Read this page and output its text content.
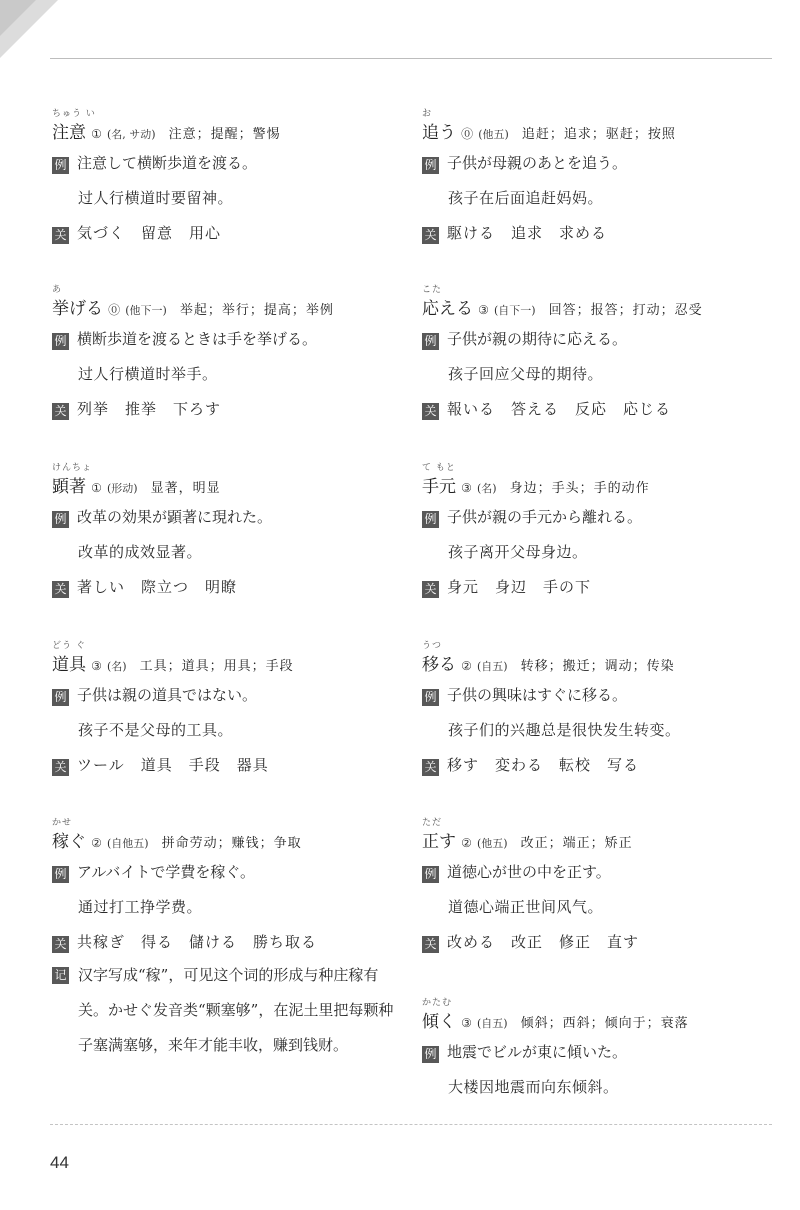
ちゅう い
注意 ① (名, サ动) 注意；提醒；警惕
例 注意して横断歩道を渡る。
过人行横道时要留神。
关 気づく　留意　用心
あ
挙げる ⓪ (他下一) 举起；举行；提高；举例
例 横断歩道を渡るときは手を挙げる。
过人行横道时举手。
关 列挙　推挙　下ろす
けんちょ
顕著 ① (形动) 显著，明显
例 改革の効果が顕著に現れた。
改革的成效显著。
关 著しい　際立つ　明瞭
どう ぐ
道具 ③ (名) 工具；道具；用具；手段
例 子供は親の道具ではない。
孩子不是父母的工具。
关 ツール　道具　手段　器具
かせ
稼ぐ ② (自他五) 拼命劳动；赚钱；争取
例 アルバイトで学費を稼ぐ。
通过打工挣学费。
关 共稼ぎ　得る　儲ける　勝ち取る
记 汉字写成“稼”，可见这个词的形成与种庄稼有关。かせぐ发音类“颗塞够”，在泥土里把每颗种子塞满塞够，来年才能丰收，赚到钱财。
お
追う ⓪ (他五) 追赶；追求；驱赶；按照
例 子供が母親のあとを追う。
孩子在后面追赶妈妈。
关 駆ける　追求　求める
こた
応える ③ (自下一) 回答；报答；打动；忍受
例 子供が親の期待に応える。
孩子回应父母的期待。
关 報いる　答える　反応　応じる
て もと
手元 ③ (名) 身边；手头；手的动作
例 子供が親の手元から離れる。
孩子离开父母身边。
关 身元　身辺　手の下
うつ
移る ② (自五) 转移；搬迁；调动；传染
例 子供の興味はすぐに移る。
孩子们的兴趣总是很快发生转变。
关 移す　変わる　転校　写る
ただ
正す ② (他五) 改正；端正；矫正
例 道徳心が世の中を正す。
道德心端正世间风气。
关 改める　改正　修正　直す
かたむ
傾く ③ (自五) 倾斜；西斜；倾向于；衰落
例 地震でビルが東に傾いた。
大楼因地震而向东倾斜。
44
